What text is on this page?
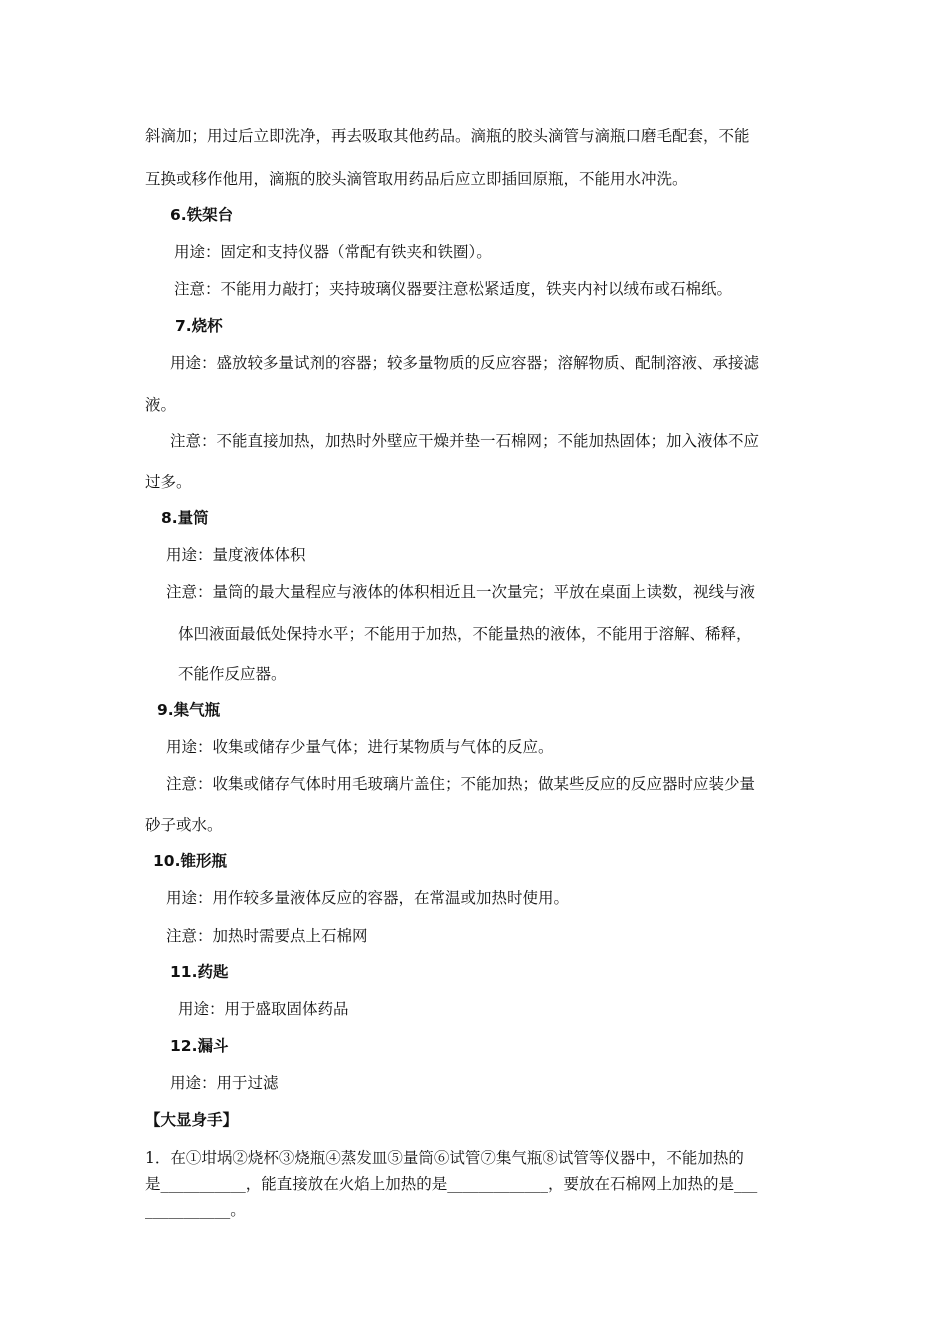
斜滴加；用过后立即洗净，再去吸取其他药品。滴瓶的胶头滴管与滴瓶口磨毛配套，不能
互换或移作他用，滴瓶的胶头滴管取用药品后应立即插回原瓶，不能用水冲洗。
6.铁架台
用途：固定和支持仪器（常配有铁夹和铁圈）。
注意：不能用力敲打；夹持玻璃仪器要注意松紧适度，铁夹内衬以绒布或石棉纸。
7.烧杯
用途：盛放较多量试剂的容器；较多量物质的反应容器；溶解物质、配制溶液、承接滤
液。
注意：不能直接加热，加热时外壁应干燥并垫一石棉网；不能加热固体；加入液体不应
过多。
8.量筒
用途：量度液体体积
注意：量筒的最大量程应与液体的体积相近且一次量完；平放在桌面上读数，视线与液
体凹液面最低处保持水平；不能用于加热，不能量热的液体，不能用于溶解、稀释，
不能作反应器。
9.集气瓶
用途：收集或储存少量气体；进行某物质与气体的反应。
注意：收集或储存气体时用毛玻璃片盖住；不能加热；做某些反应的反应器时应装少量
砂子或水。
10.锥形瓶
用途：用作较多量液体反应的容器，在常温或加热时使用。
注意：加热时需要点上石棉网
11.药匙
用途：用于盛取固体药品
12.漏斗
用途：用于过滤
【大显身手】
1．在①坩埚②烧杯③烧瓶④蒸发皿⑤量筒⑥试管⑦集气瓶⑧试管等仪器中，不能加热的
是___________，能直接放在火焰上加热的是_____________，要放在石棉网上加热的是___
___________。
